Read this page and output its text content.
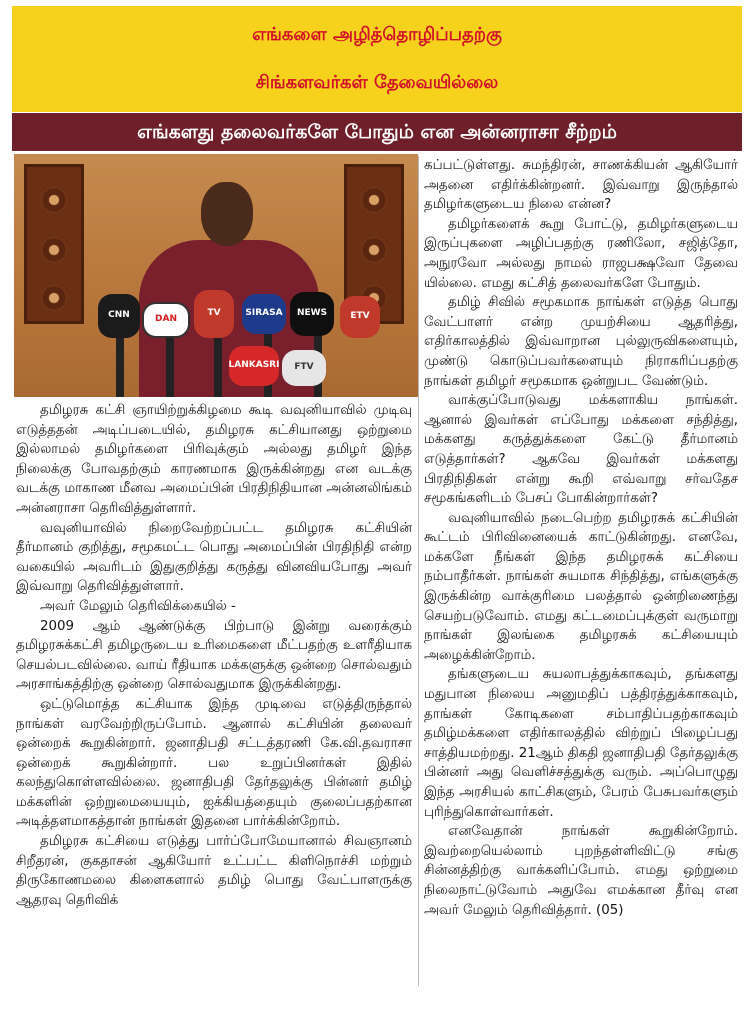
எங்களை அழித்தொழிப்பதற்கு
சிங்களவர்கள் தேவையில்லை
எங்களது தலைவர்களே போதும் என அன்னராசா சீற்றம்
CNN	DAN
TV	SIRASA NEWS	ETV
LANKASRI FTV

தமிழரசு கட்சி ஞாயிற்றுக்கிழமை கூடி வவுனியாவில் முடிவு எடுத்ததன் அடிப்படையில், தமிழரசு கட்சியானது ஒற்றுமை இல்லாமல் தமிழர்களை பிரிவுக்கும் அல்லது தமிழர் இந்த நிலைக்கு போவதற்கும் காரணமாக இருக்கின்றது என வடக்கு வடக்கு மாகாண மீனவ அமைப்பின் பிரதிநிதியான அன்னலிங்கம் அன்னராசா தெரிவித்துள்ளார்.

வவுனியாவில் நிறைவேற்றப்பட்ட தமிழரசு கட்சியின் தீர்மானம் குறித்து, சமூகமட்ட பொது அமைப்பின் பிரதிநிதி என்ற வகையில் அவரிடம் இதுகுறித்து கருத்து வினவியபோது அவர் இவ்வாறு தெரிவித்துள்ளார்.

அவர் மேலும் தெரிவிக்கையில் -

2009 ஆம் ஆண்டுக்கு பிற்பாடு இன்று வரைக்கும் தமிழரசுக்கட்சி தமிழருடைய உரிமைகளை மீட்பதற்கு உளரீதியாக செயல்படவில்லை. வாய் ரீதியாக மக்களுக்கு ஒன்றை சொல்வதும் அரசாங்கத்திற்கு ஒன்றை சொல்வதுமாக இருக்கின்றது.

ஒட்டுமொத்த கட்சியாக இந்த முடிவை எடுத்திருந்தால் நாங்கள் வரவேற்றிருப்போம். ஆனால் கட்சியின் தலைவர் ஒன்றைக் கூறுகின்றார். ஜனாதிபதி சட்டத்தரணி கே.வி.தவராசா ஒன்றைக் கூறுகின்றார். பல உறுப்பினர்கள் இதில் கலந்துகொள்ளவில்லை. ஜனாதிபதி தேர்தலுக்கு பின்னர் தமிழ் மக்களின் ஒற்றுமையையும், ஐக்கியத்தையும் குலைப்பதற்கான அடித்தளமாகத்தான் நாங்கள் இதனை பார்க்கின்றோம்.

தமிழரசு கட்சியை எடுத்து பார்ப்போமேயானால் சிவஞானம் சிறீதரன், குகதாசன் ஆகியோர் உட்பட்ட கிளிநொச்சி மற்றும் திருகோணமலை கிளைகளால் தமிழ் பொது வேட்பாளருக்கு ஆதரவு தெரிவிக்

கப்பட்டுள்ளது. சுமந்திரன், சாணக்கியன் ஆகியோர் அதனை எதிர்க்கின்றனர். இவ்வாறு இருந்தால் தமிழர்களுடைய நிலை என்ன?

தமிழர்களைக் கூறு போட்டு, தமிழர்களுடைய இருப்புகளை அழிப்பதற்கு ரணிலோ, சஜித்தோ, அநுரவோ அல்லது நாமல் ராஜபக்ஷவோ தேவை யில்லை. எமது கட்சித் தலைவர்களே போதும்.

தமிழ் சிவில் சமூகமாக நாங்கள் எடுத்த பொது வேட்பாளர் என்ற முயற்சியை ஆதரித்து, எதிர்காலத்தில் இவ்வாறான புல்லுருவிகளையும், முண்டு கொடுப்பவர்களையும் நிராகரிப்பதற்கு நாங்கள் தமிழர் சமூகமாக ஒன்றுபட வேண்டும்.

வாக்குப்போடுவது மக்களாகிய நாங்கள். ஆனால் இவர்கள் எப்போது மக்களை சந்தித்து, மக்களது கருத்துக்களை கேட்டு தீர்மானம் எடுத்தார்கள்? ஆகவே இவர்கள் மக்களது பிரதிநிதிகள் என்று கூறி எவ்வாறு சர்வதேச சமூகங்களிடம் பேசப் போகின்றார்கள்?

வவுனியாவில் நடைபெற்ற தமிழரசுக் கட்சியின் கூட்டம் பிரிவினையைக் காட்டுகின்றது. எனவே, மக்களே நீங்கள் இந்த தமிழரசுக் கட்சியை நம்பாதீர்கள். நாங்கள் சுயமாக சிந்தித்து, எங்களுக்கு இருக்கின்ற வாக்குரிமை பலத்தால் ஒன்றிணைந்து செயற்படுவோம். எமது கட்டமைப்புக்குள் வருமாறு நாங்கள் இலங்கை தமிழரசுக் கட்சியையும் அழைக்கின்றோம்.

தங்களுடைய சுயலாபத்துக்காகவும், தங்களது மதுபான நிலைய அனுமதிப் பத்திரத்துக்காகவும், தாங்கள் கோடிகளை சம்பாதிப்பதற்காகவும் தமிழ்மக்களை எதிர்காலத்தில் விற்றுப் பிழைப்பது சாத்தியமற்றது. 21ஆம் திகதி ஜனாதிபதி தேர்தலுக்கு பின்னர் அது வெளிச்சத்துக்கு வரும். அப்பொழுது இந்த அரசியல் காட்சிகளும், பேரம் பேசுபவர்களும் புரிந்துகொள்வார்கள்.

எனவேதான் நாங்கள் கூறுகின்றோம். இவற்றையெல்லாம் புறந்தள்ளிவிட்டு சங்கு சின்னத்திற்கு வாக்களிப்போம். எமது ஒற்றுமை நிலைநாட்டுவோம் அதுவே எமக்கான தீர்வு என அவர் மேலும் தெரிவித்தார். (05)
